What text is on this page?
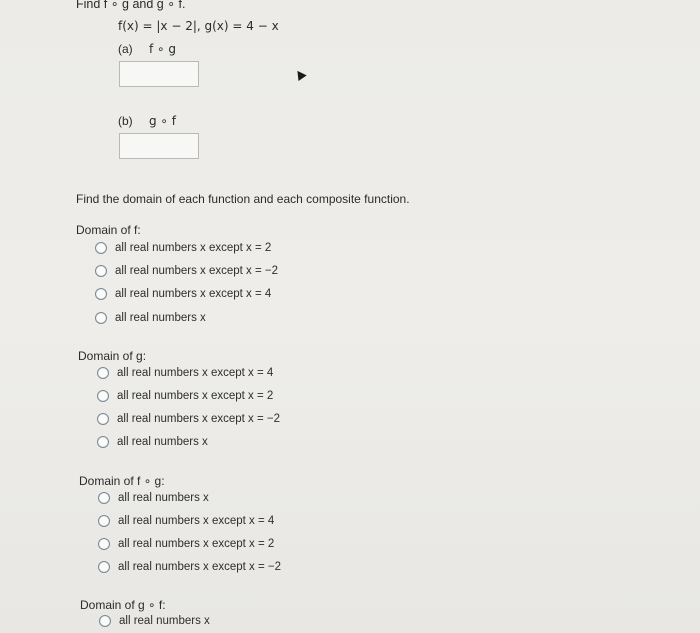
Find f ∘ g and g ∘ f.
f(x) = |x − 2|, g(x) = 4 − x
(a) f ∘ g
(b) g ∘ f
Find the domain of each function and each composite function.
Domain of f:
all real numbers x except x = 2
all real numbers x except x = −2
all real numbers x except x = 4
all real numbers x
Domain of g:
all real numbers x except x = 4
all real numbers x except x = 2
all real numbers x except x = −2
all real numbers x
Domain of f ∘ g:
all real numbers x
all real numbers x except x = 4
all real numbers x except x = 2
all real numbers x except x = −2
Domain of g ∘ f:
all real numbers x
